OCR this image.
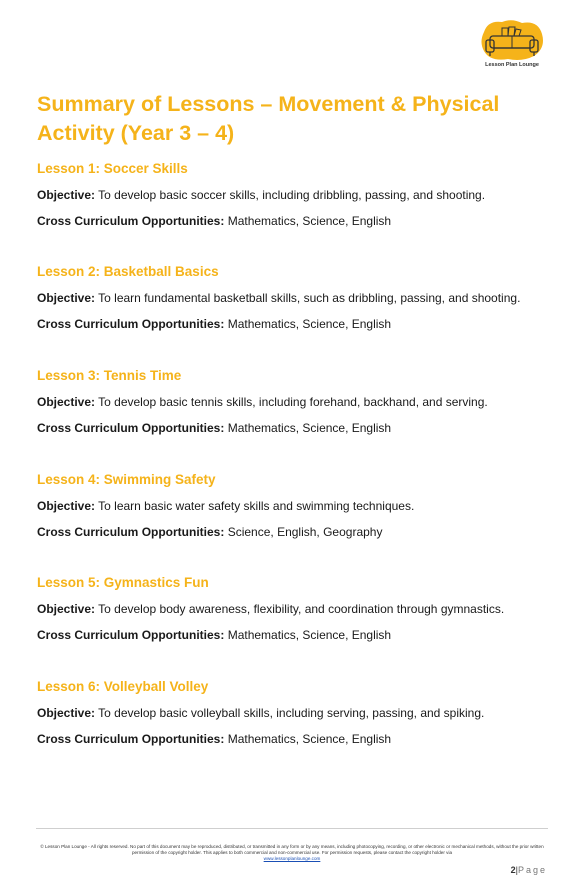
Lesson Plan Lounge
Summary of Lessons – Movement & Physical Activity (Year 3 – 4)
Lesson 1: Soccer Skills
Objective: To develop basic soccer skills, including dribbling, passing, and shooting.
Cross Curriculum Opportunities: Mathematics, Science, English
Lesson 2: Basketball Basics
Objective: To learn fundamental basketball skills, such as dribbling, passing, and shooting.
Cross Curriculum Opportunities: Mathematics, Science, English
Lesson 3: Tennis Time
Objective: To develop basic tennis skills, including forehand, backhand, and serving.
Cross Curriculum Opportunities: Mathematics, Science, English
Lesson 4: Swimming Safety
Objective: To learn basic water safety skills and swimming techniques.
Cross Curriculum Opportunities: Science, English, Geography
Lesson 5: Gymnastics Fun
Objective: To develop body awareness, flexibility, and coordination through gymnastics.
Cross Curriculum Opportunities: Mathematics, Science, English
Lesson 6: Volleyball Volley
Objective: To develop basic volleyball skills, including serving, passing, and spiking.
Cross Curriculum Opportunities: Mathematics, Science, English
© Lesson Plan Lounge - All rights reserved. No part of this document may be reproduced, distributed, or transmitted in any form or by any means, including photocopying, recording, or other electronic or mechanical methods, without the prior written permission of the copyright holder. This applies to both commercial and non-commercial use. For permission requests, please contact the copyright holder via
www.lessonplanlounge.com
2|Page
